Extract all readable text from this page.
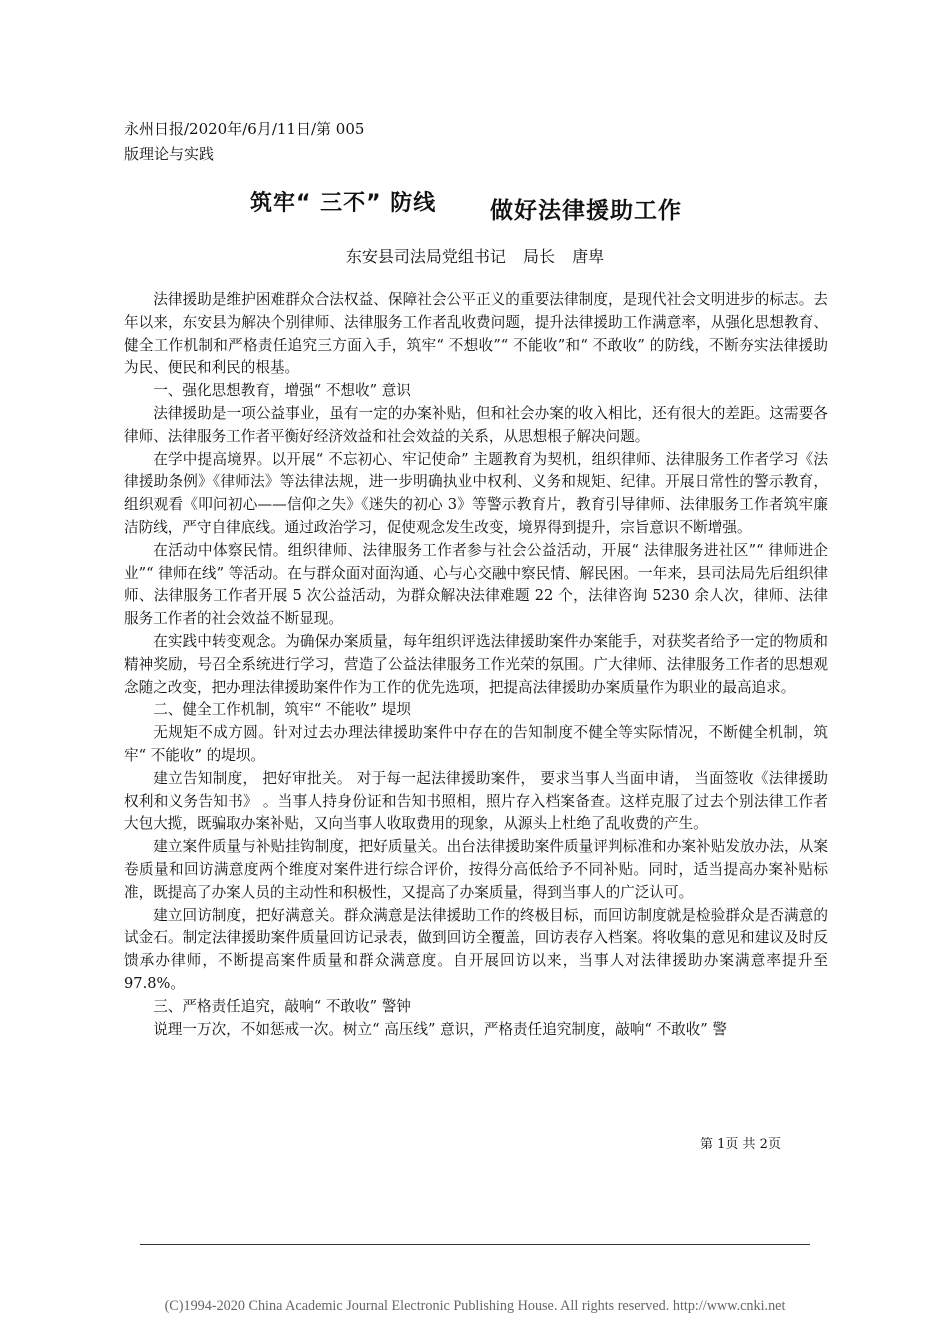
永州日报/2020年/6月/11日/第 005
版理论与实践
筑牢“ 三不” 防线 做好法律援助工作
东安县司法局党组书记 局长 唐卑

法律援助是维护困难群众合法权益、保障社会公平正义的重要法律制度，是现代社会文明进步的标志。去年以来，东安县为解决个别律师、法律服务工作者乱收费问题，提升法律援助工作满意率，从强化思想教育、健全工作机制和严格责任追究三方面入手，筑牢“ 不想收”“ 不能收”和“ 不敢收” 的防线，不断夯实法律援助为民、便民和利民的根基。

一、强化思想教育，增强“ 不想收” 意识

法律援助是一项公益事业，虽有一定的办案补贴，但和社会办案的收入相比，还有很大的差距。这需要各律师、法律服务工作者平衡好经济效益和社会效益的关系，从思想根子解决问题。

在学中提高境界。以开展“ 不忘初心、牢记使命” 主题教育为契机，组织律师、法律服务工作者学习《法律援助条例》《律师法》等法律法规，进一步明确执业中权利、义务和规矩、纪律。开展日常性的警示教育，组织观看《叩问初心——信仰之失》《迷失的初心 3》等警示教育片，教育引导律师、法律服务工作者筑牢廉洁防线，严守自律底线。通过政治学习，促使观念发生改变，境界得到提升，宗旨意识不断增强。

在活动中体察民情。组织律师、法律服务工作者参与社会公益活动，开展“ 法律服务进社区”“ 律师进企业”“ 律师在线” 等活动。在与群众面对面沟通、心与心交融中察民情、解民困。一年来，县司法局先后组织律师、法律服务工作者开展 5 次公益活动，为群众解决法律难题 22 个，法律咨询 5230 余人次，律师、法律服务工作者的社会效益不断显现。

在实践中转变观念。为确保办案质量，每年组织评选法律援助案件办案能手，对获奖者给予一定的物质和精神奖励，号召全系统进行学习，营造了公益法律服务工作光荣的氛围。广大律师、法律服务工作者的思想观念随之改变，把办理法律援助案件作为工作的优先选项，把提高法律援助办案质量作为职业的最高追求。

二、健全工作机制，筑牢“ 不能收” 堤坝

无规矩不成方圆。针对过去办理法律援助案件中存在的告知制度不健全等实际情况，不断健全机制，筑牢“ 不能收” 的堤坝。

建立告知制度， 把好审批关。 对于每一起法律援助案件， 要求当事人当面申请， 当面签收《法律援助权利和义务告知书》 。当事人持身份证和告知书照相，照片存入档案备查。这样克服了过去个别法律工作者大包大揽，既骗取办案补贴，又向当事人收取费用的现象，从源头上杜绝了乱收费的产生。

建立案件质量与补贴挂钩制度，把好质量关。出台法律援助案件质量评判标准和办案补贴发放办法，从案卷质量和回访满意度两个维度对案件进行综合评价，按得分高低给予不同补贴。同时，适当提高办案补贴标准，既提高了办案人员的主动性和积极性，又提高了办案质量，得到当事人的广泛认可。

建立回访制度，把好满意关。群众满意是法律援助工作的终极目标，而回访制度就是检验群众是否满意的试金石。制定法律援助案件质量回访记录表，做到回访全覆盖，回访表存入档案。将收集的意见和建议及时反馈承办律师，不断提高案件质量和群众满意度。自开展回访以来，当事人对法律援助办案满意率提升至 97.8%。

三、严格责任追究，敲响“ 不敢收” 警钟

说理一万次，不如惩戒一次。树立“ 高压线” 意识，严格责任追究制度，敲响“ 不敢收” 警

第 1页 共 2页
(C)1994-2020 China Academic Journal Electronic Publishing House. All rights reserved. http://www.cnki.net
